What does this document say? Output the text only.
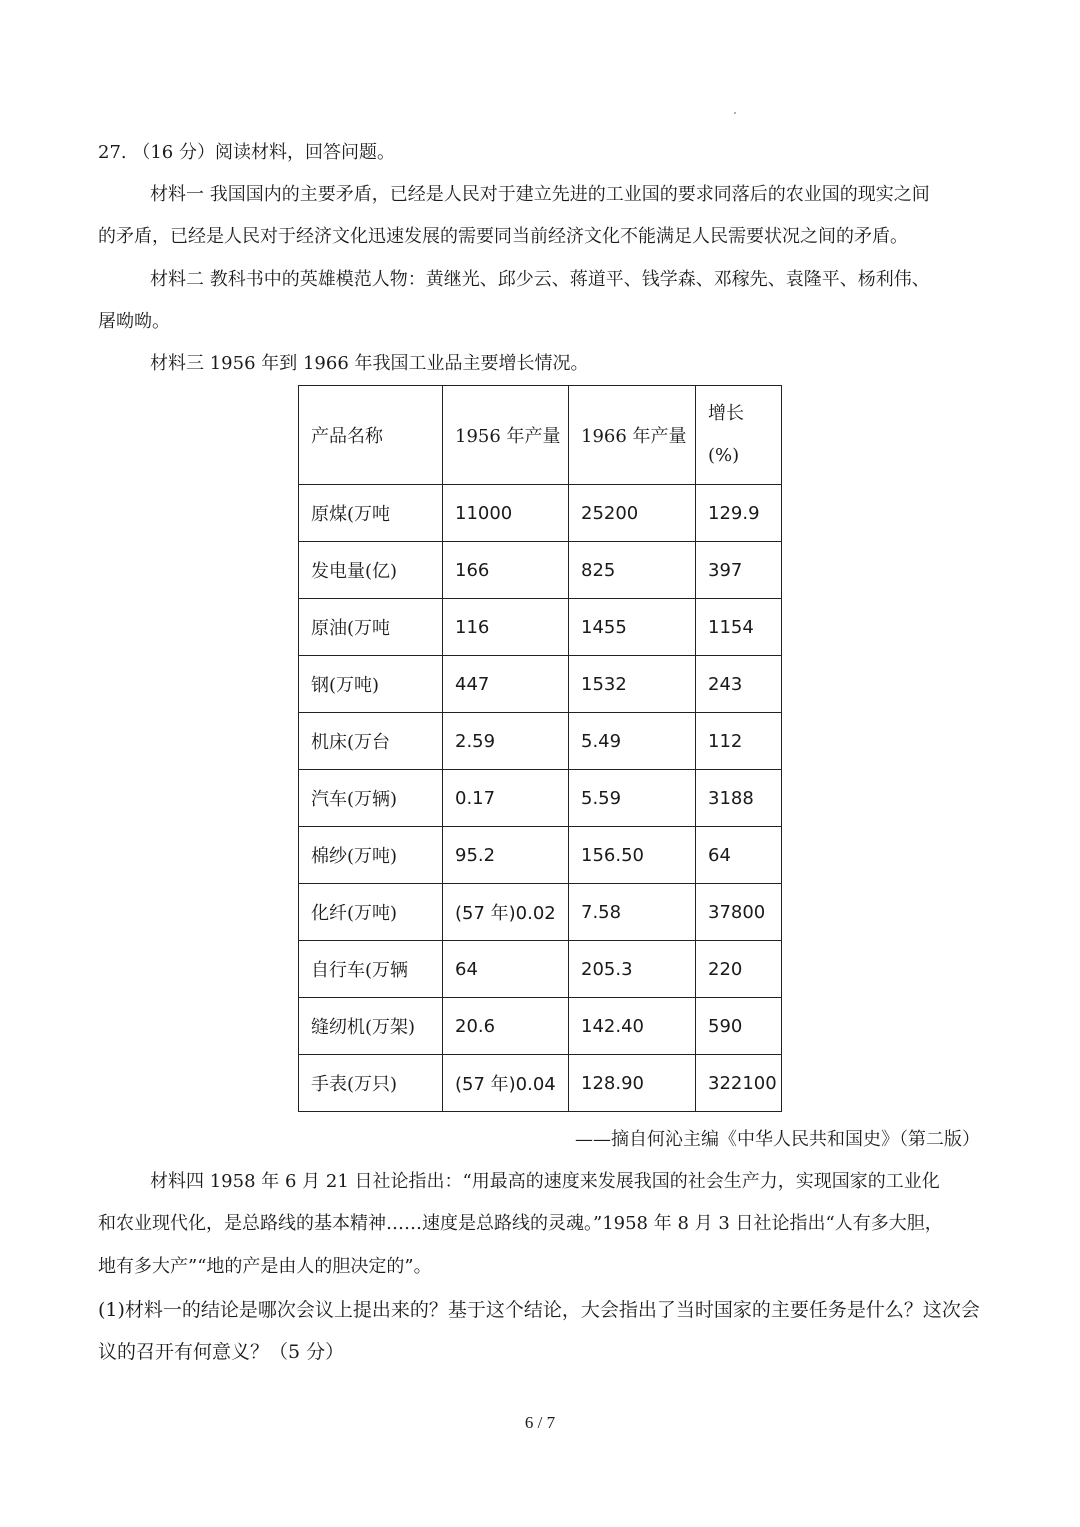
27. （16 分）阅读材料，回答问题。
材料一 我国国内的主要矛盾，已经是人民对于建立先进的工业国的要求同落后的农业国的现实之间
的矛盾，已经是人民对于经济文化迅速发展的需要同当前经济文化不能满足人民需要状况之间的矛盾。
材料二 教科书中的英雄模范人物：黄继光、邱少云、蒋道平、钱学森、邓稼先、袁隆平、杨利伟、
屠呦呦。
材料三 1956 年到 1966 年我国工业品主要增长情况。
产品名称	1956 年产量	1966 年产量	增长
(%)

原煤(万吨	11000	25200	129.9
发电量(亿)	166	825	397
原油(万吨	116	1455	1154
钢(万吨)	447	1532	243
机床(万台	2.59	5.49	112
汽车(万辆)	0.17	5.59	3188
棉纱(万吨)	95.2	156.50	64
化纤(万吨)	(57 年)0.02	7.58	37800
自行车(万辆	64	205.3	220
缝纫机(万架)	20.6	142.40	590
手表(万只)	(57 年)0.04	128.90	322100
——摘自何沁主编《中华人民共和国史》（第二版）
材料四 1958 年 6 月 21 日社论指出：“用最高的速度来发展我国的社会生产力，实现国家的工业化
和农业现代化，是总路线的基本精神……速度是总路线的灵魂。”1958 年 8 月 3 日社论指出“人有多大胆，
地有多大产”“地的产是由人的胆决定的”。
(1)材料一的结论是哪次会议上提出来的？基于这个结论，大会指出了当时国家的主要任务是什么？这次会
议的召开有何意义？（5 分）
6 / 7
